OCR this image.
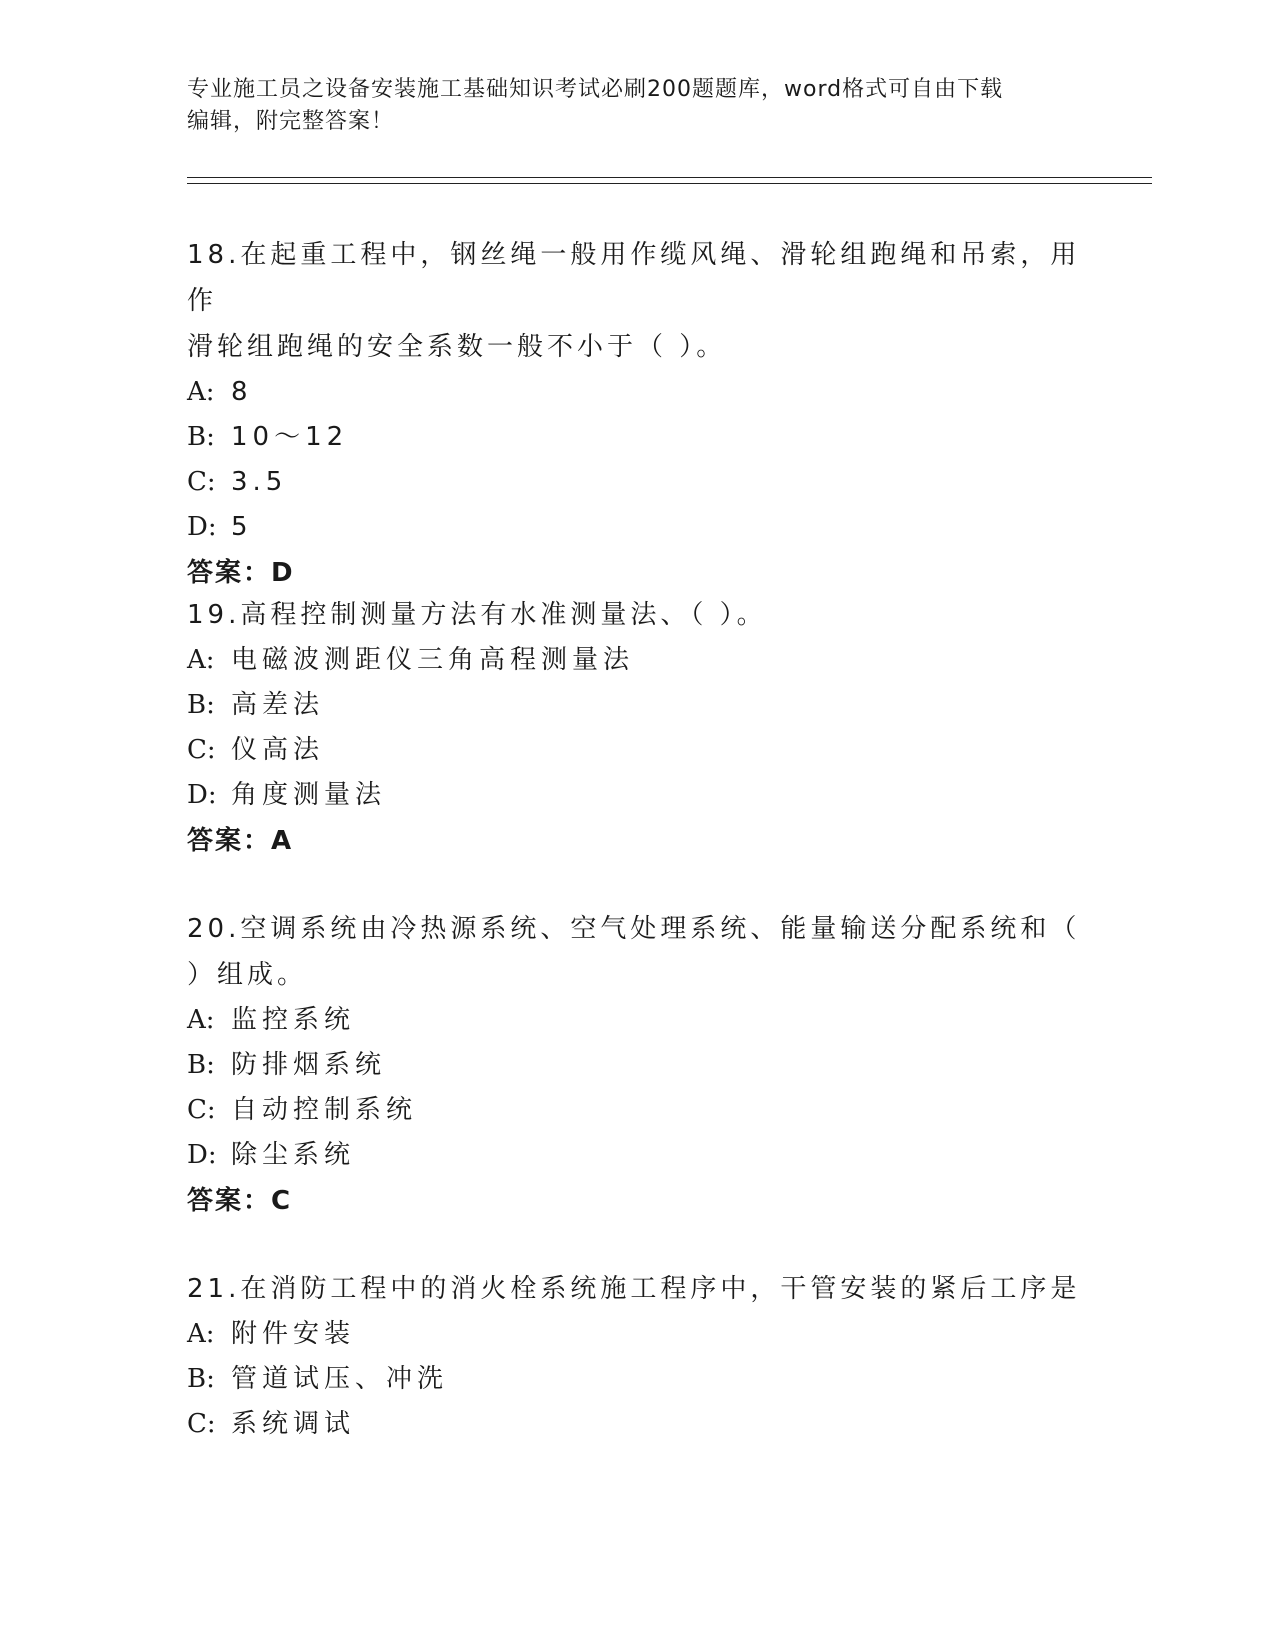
专业施工员之设备安装施工基础知识考试必刷200题题库，word格式可自由下载
编辑，附完整答案！

18.在起重工程中，钢丝绳一般用作缆风绳、滑轮组跑绳和吊索，用作

滑轮组跑绳的安全系数一般不小于（ ）。

A: 8

B: 10～12

C: 3.5

D: 5

答案：D

19.高程控制测量方法有水准测量法、（ ）。

A: 电磁波测距仪三角高程测量法

B: 高差法

C: 仪高法

D: 角度测量法

答案：A

20.空调系统由冷热源系统、空气处理系统、能量输送分配系统和（

）组成。

A: 监控系统

B: 防排烟系统

C: 自动控制系统

D: 除尘系统

答案：C

21.在消防工程中的消火栓系统施工程序中，干管安装的紧后工序是

A: 附件安装

B: 管道试压、冲洗

C: 系统调试
